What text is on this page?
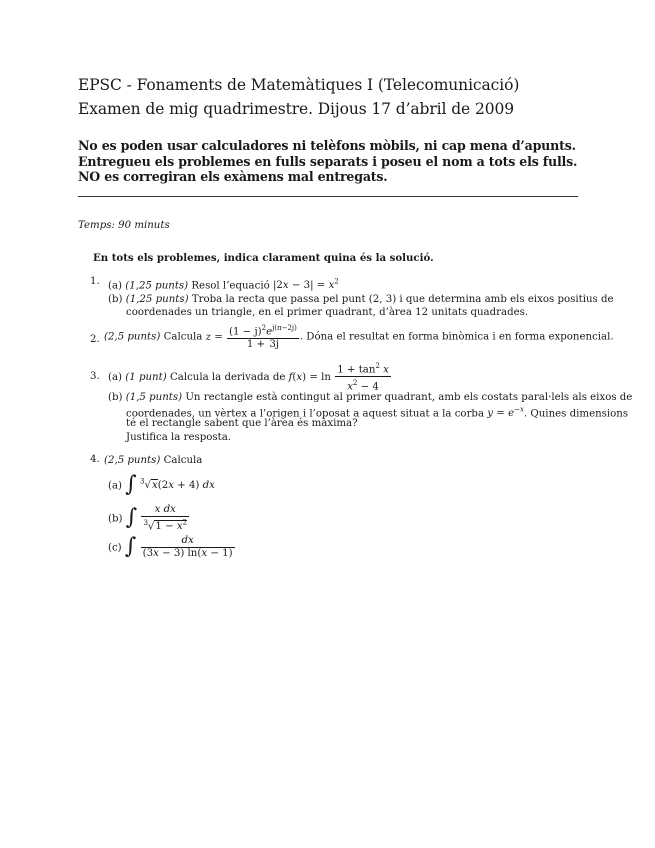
EPSC - Fonaments de Matemàtiques I (Telecomunicació)
Examen de mig quadrimestre. Dijous 17 d’abril de 2009
No es poden usar calculadores ni telèfons mòbils, ni cap mena d’apunts.
Entregueu els problemes en fulls separats i poseu el nom a tots els fulls.
NO es corregiran els exàmens mal entregats.
Temps: 90 minuts
En tots els problemes, indica clarament quina és la solució.
1. (a) (1,25 punts) Resol l’equació $|2x - 3| = x^2$
(b) (1,25 punts) Troba la recta que passa pel punt (2, 3) i que determina amb els eixos positius de
coordenades un triangle, en el primer quadrant, d’àrea 12 unitats quadrades.
2. (2,5 punts) Calcula $z = \frac{(1 - j)^2e^{j(\pi-2j)}}{1 + 3j}$ . Dóna el resultat en forma binòmica i en forma exponencial.
3. (a) (1 punt) Calcula la derivada de $f(x) = \ln \frac{1 + \tan^2 x}{x^2 - 4}$
(b) (1,5 punts) Un rectangle està contingut al primer quadrant, amb els costats paral·lels als eixos de
coordenades, un vèrtex a l’origen i l’oposat a aquest situat a la corba $y = e^{-x}$. Quines dimensions
té el rectangle sabent que l’àrea és màxima?
Justifica la resposta.
4. (2,5 punts) Calcula
(a) ∫ $^3$√x(2x + 4) dx
(b) ∫ $\frac{\text{x dx}}{^3√1 - x^2}$
(c) ∫ $\frac{dx}{(3x - 3) \ln(x - 1)}$
